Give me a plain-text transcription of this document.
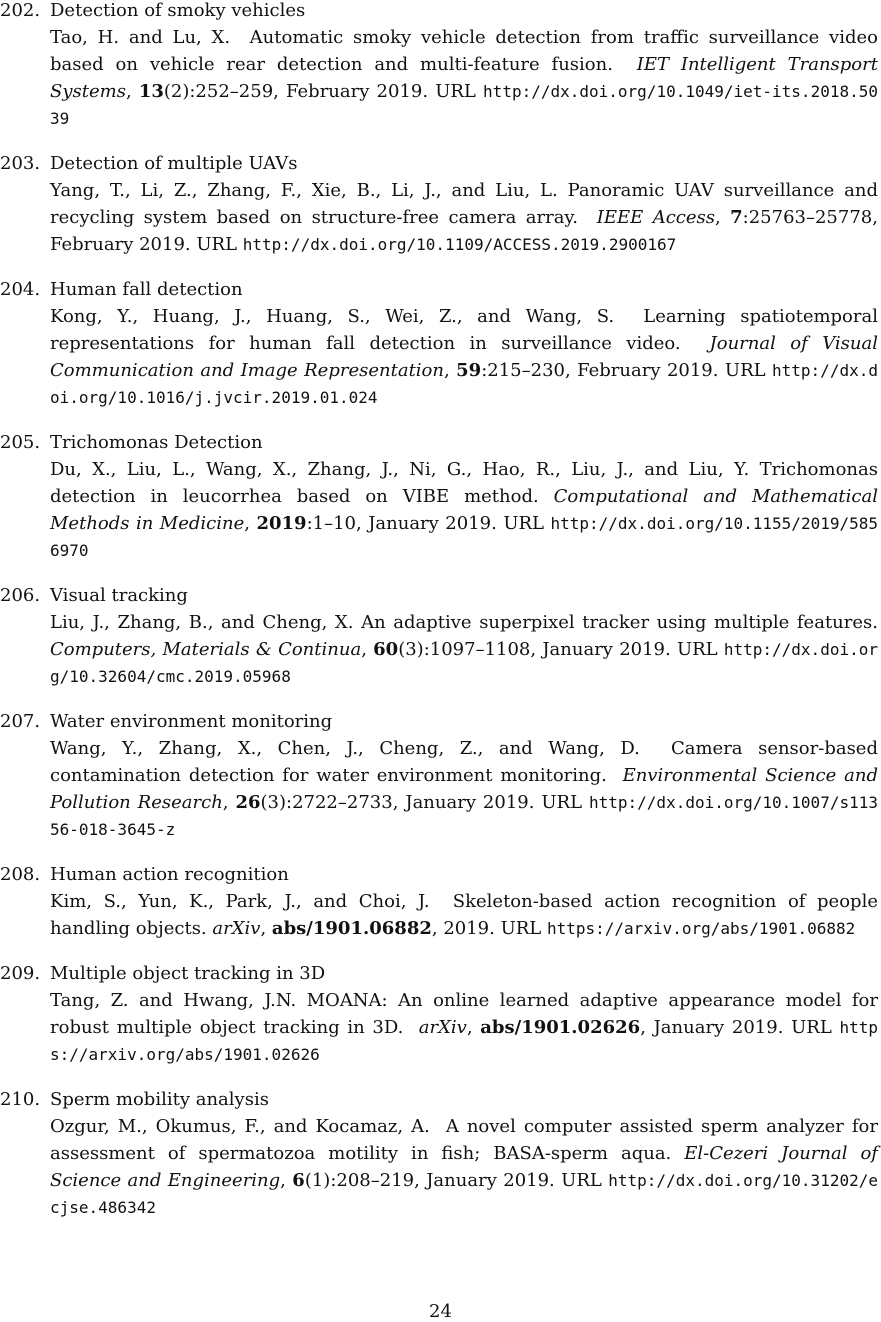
202. Detection of smoky vehicles
Tao, H. and Lu, X. Automatic smoky vehicle detection from traffic surveillance video based on vehicle rear detection and multi-feature fusion. IET Intelligent Transport Systems, 13(2):252–259, February 2019. URL http://dx.doi.org/10.1049/iet-its.2018.5039
203. Detection of multiple UAVs
Yang, T., Li, Z., Zhang, F., Xie, B., Li, J., and Liu, L. Panoramic UAV surveillance and recycling system based on structure-free camera array. IEEE Access, 7:25763–25778, February 2019. URL http://dx.doi.org/10.1109/ACCESS.2019.2900167
204. Human fall detection
Kong, Y., Huang, J., Huang, S., Wei, Z., and Wang, S. Learning spatiotemporal representations for human fall detection in surveillance video. Journal of Visual Communication and Image Representation, 59:215–230, February 2019. URL http://dx.doi.org/10.1016/j.jvcir.2019.01.024
205. Trichomonas Detection
Du, X., Liu, L., Wang, X., Zhang, J., Ni, G., Hao, R., Liu, J., and Liu, Y. Trichomonas detection in leucorrhea based on VIBE method. Computational and Mathematical Methods in Medicine, 2019:1–10, January 2019. URL http://dx.doi.org/10.1155/2019/5856970
206. Visual tracking
Liu, J., Zhang, B., and Cheng, X. An adaptive superpixel tracker using multiple features. Computers, Materials & Continua, 60(3):1097–1108, January 2019. URL http://dx.doi.org/10.32604/cmc.2019.05968
207. Water environment monitoring
Wang, Y., Zhang, X., Chen, J., Cheng, Z., and Wang, D. Camera sensor-based contamination detection for water environment monitoring. Environmental Science and Pollution Research, 26(3):2722–2733, January 2019. URL http://dx.doi.org/10.1007/s11356-018-3645-z
208. Human action recognition
Kim, S., Yun, K., Park, J., and Choi, J. Skeleton-based action recognition of people handling objects. arXiv, abs/1901.06882, 2019. URL https://arxiv.org/abs/1901.06882
209. Multiple object tracking in 3D
Tang, Z. and Hwang, J.N. MOANA: An online learned adaptive appearance model for robust multiple object tracking in 3D. arXiv, abs/1901.02626, January 2019. URL https://arxiv.org/abs/1901.02626
210. Sperm mobility analysis
Ozgur, M., Okumus, F., and Kocamaz, A. A novel computer assisted sperm analyzer for assessment of spermatozoa motility in fish; BASA-sperm aqua. El-Cezeri Journal of Science and Engineering, 6(1):208–219, January 2019. URL http://dx.doi.org/10.31202/ecjse.486342
24
